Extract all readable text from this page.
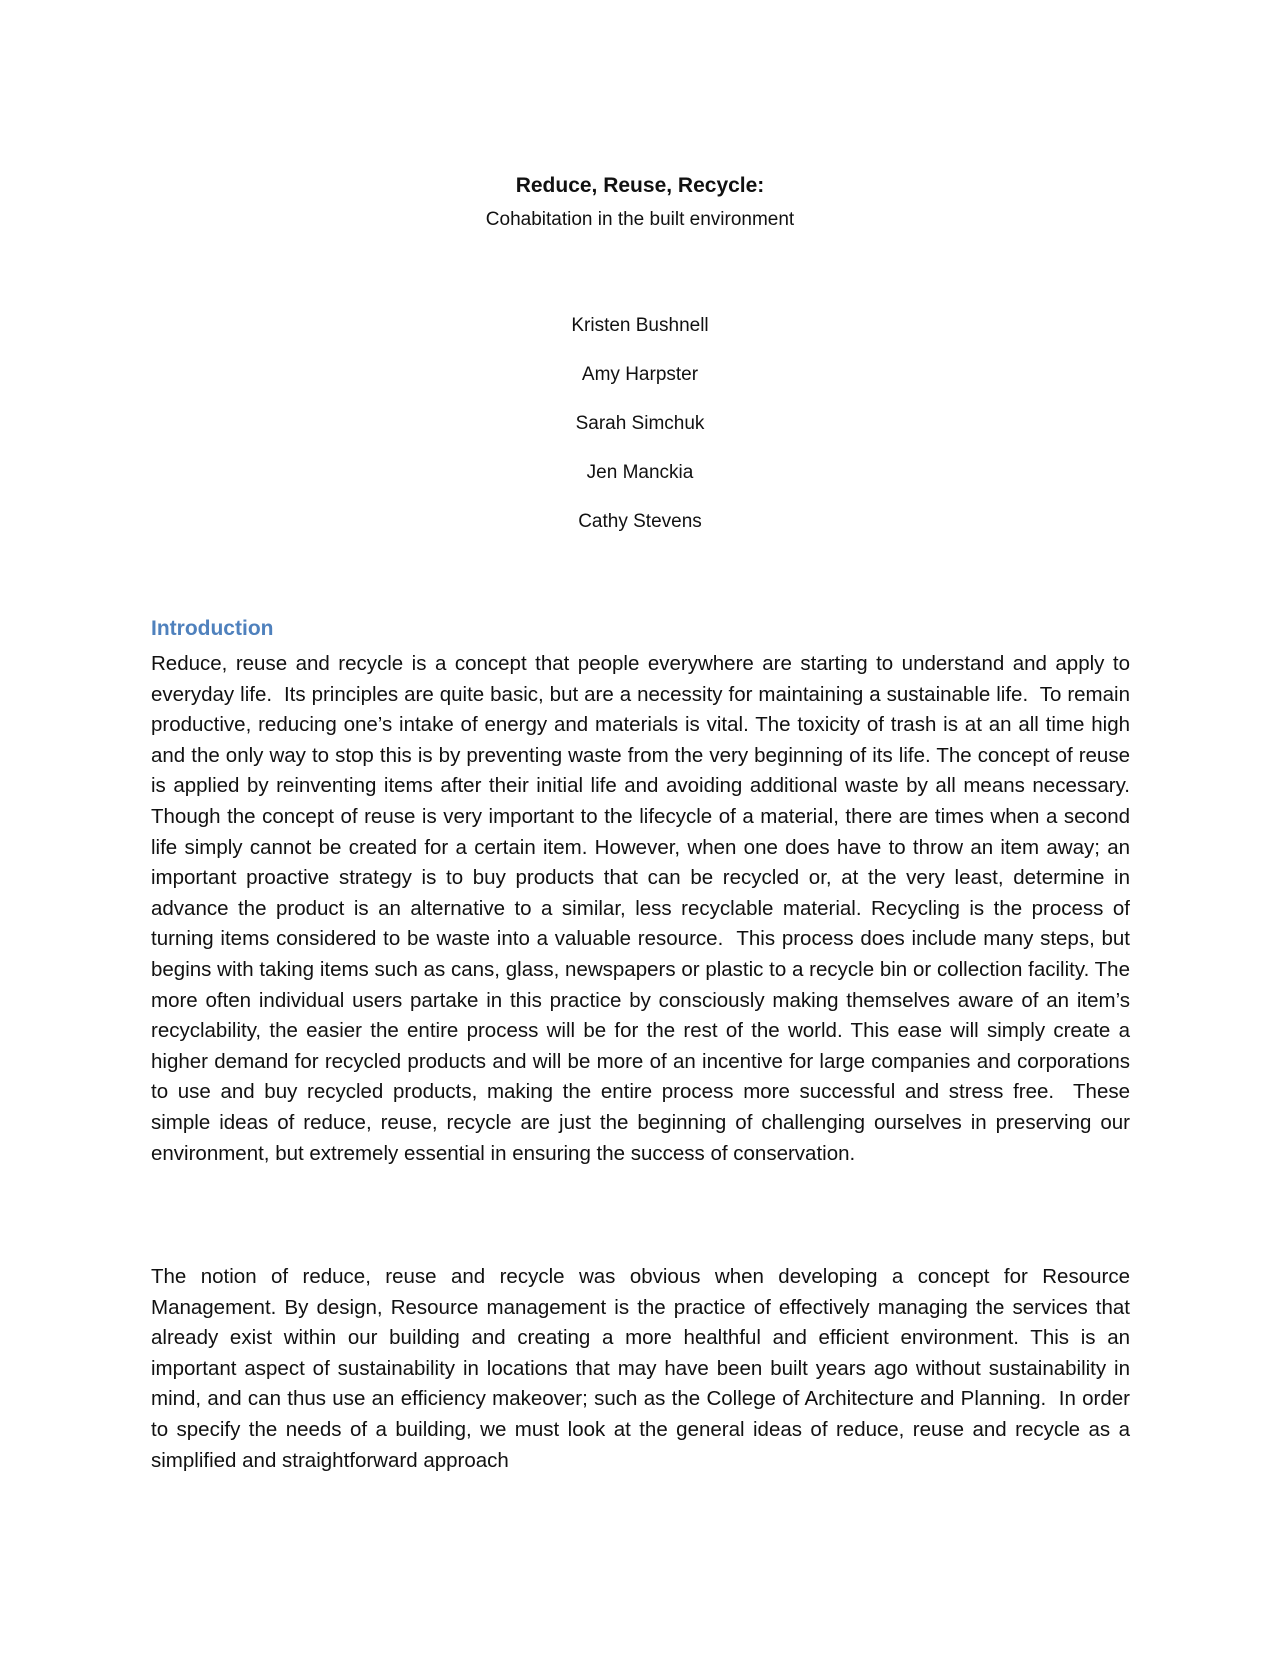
Reduce, Reuse, Recycle:
Cohabitation in the built environment
Kristen Bushnell
Amy Harpster
Sarah Simchuk
Jen Manckia
Cathy Stevens
Introduction

Reduce, reuse and recycle is a concept that people everywhere are starting to understand and apply to everyday life.  Its principles are quite basic, but are a necessity for maintaining a sustainable life.  To remain productive, reducing one’s intake of energy and materials is vital. The toxicity of trash is at an all time high and the only way to stop this is by preventing waste from the very beginning of its life. The concept of reuse is applied by reinventing items after their initial life and avoiding additional waste by all means necessary. Though the concept of reuse is very important to the lifecycle of a material, there are times when a second life simply cannot be created for a certain item. However, when one does have to throw an item away; an important proactive strategy is to buy products that can be recycled or, at the very least, determine in advance the product is an alternative to a similar, less recyclable material. Recycling is the process of turning items considered to be waste into a valuable resource.  This process does include many steps, but begins with taking items such as cans, glass, newspapers or plastic to a recycle bin or collection facility. The more often individual users partake in this practice by consciously making themselves aware of an item’s recyclability, the easier the entire process will be for the rest of the world. This ease will simply create a higher demand for recycled products and will be more of an incentive for large companies and corporations to use and buy recycled products, making the entire process more successful and stress free.  These simple ideas of reduce, reuse, recycle are just the beginning of challenging ourselves in preserving our environment, but extremely essential in ensuring the success of conservation.

The notion of reduce, reuse and recycle was obvious when developing a concept for Resource Management. By design, Resource management is the practice of effectively managing the services that already exist within our building and creating a more healthful and efficient environment. This is an important aspect of sustainability in locations that may have been built years ago without sustainability in mind, and can thus use an efficiency makeover; such as the College of Architecture and Planning.  In order to specify the needs of a building, we must look at the general ideas of reduce, reuse and recycle as a simplified and straightforward approach
